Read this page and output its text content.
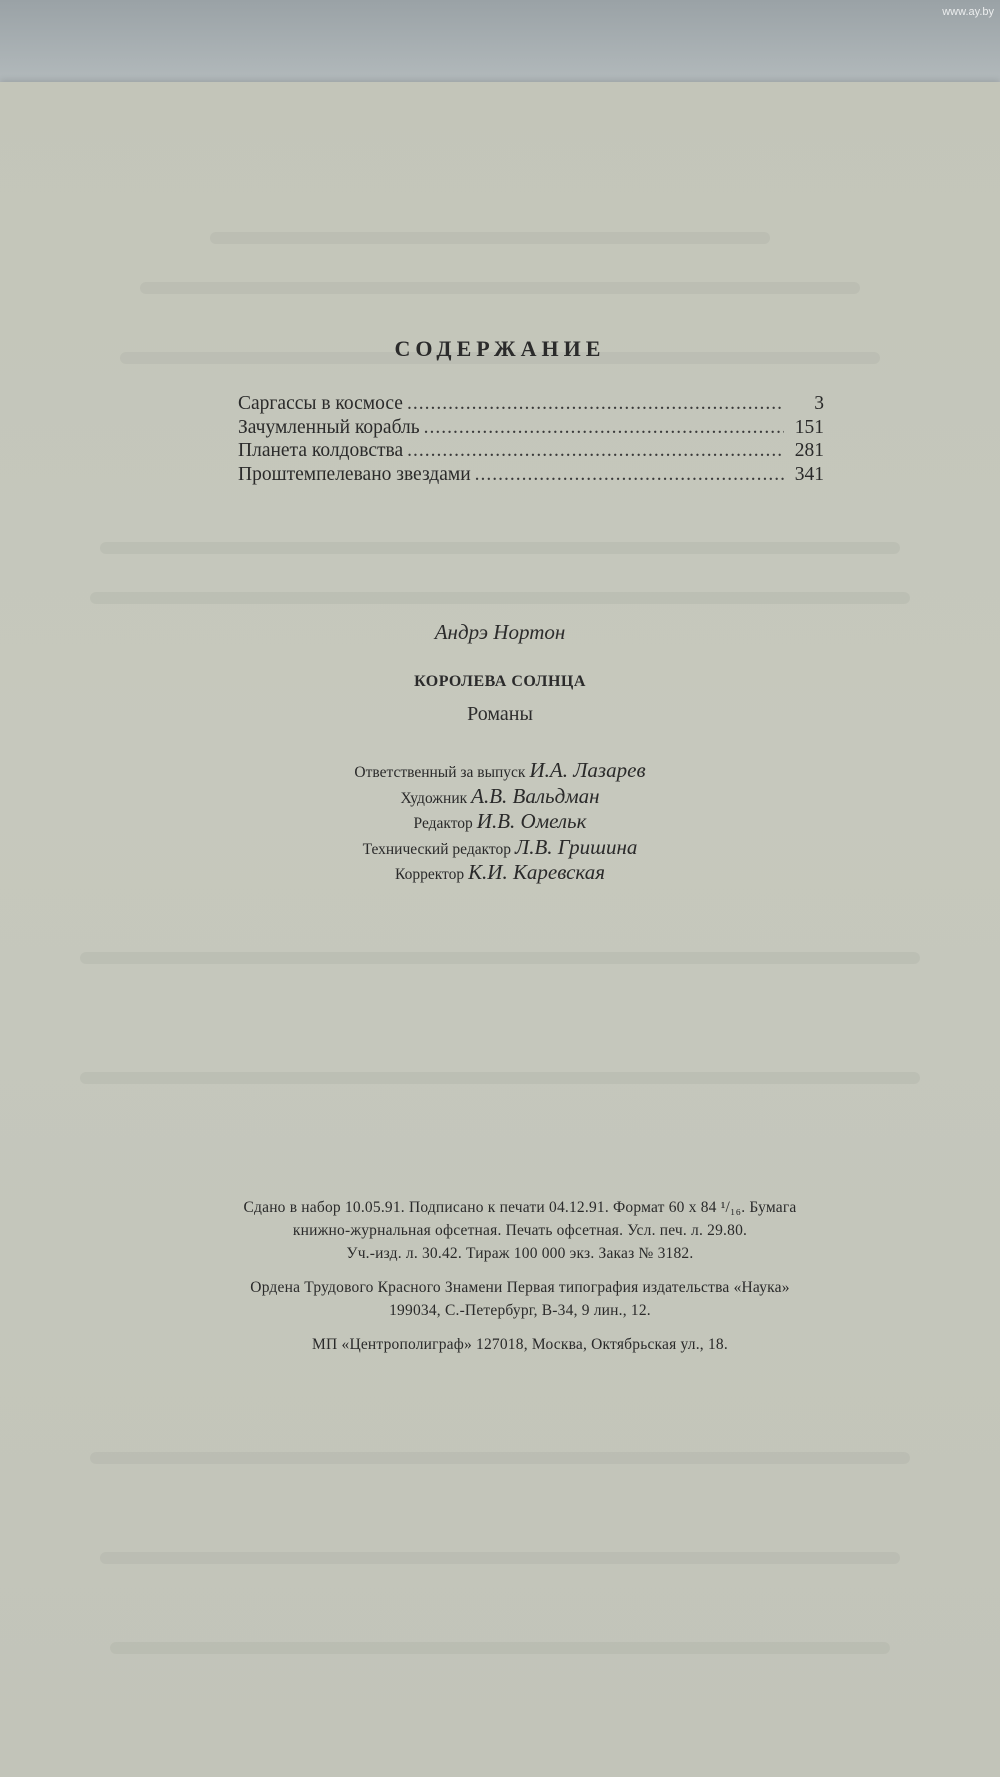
www.ay.by
СОДЕРЖАНИЕ
Саргассы в космосе .....	3
Зачумленный корабль .....	151
Планета колдовства .....	281
Проштемпелевано звездами .....	341
Андрэ Нортон
КОРОЛЕВА СОЛНЦА
Романы
Ответственный за выпуск И.А. Лазарев
Художник А.В. Вальдман
Редактор И.В. Омельк
Технический редактор Л.В. Гришина
Корректор К.И. Каревская
Сдано в набор 10.05.91. Подписано к печати 04.12.91. Формат 60 x 84 ¹/₁₆. Бумага
книжно-журнальная офсетная. Печать офсетная. Усл. печ. л. 29.80.
Уч.-изд. л. 30.42. Тираж 100 000 экз. Заказ № 3182.
Ордена Трудового Красного Знамени Первая типография издательства «Наука»
199034, С.-Петербург, В-34, 9 лин., 12.
МП «Центрополиграф» 127018, Москва, Октябрьская ул., 18.
